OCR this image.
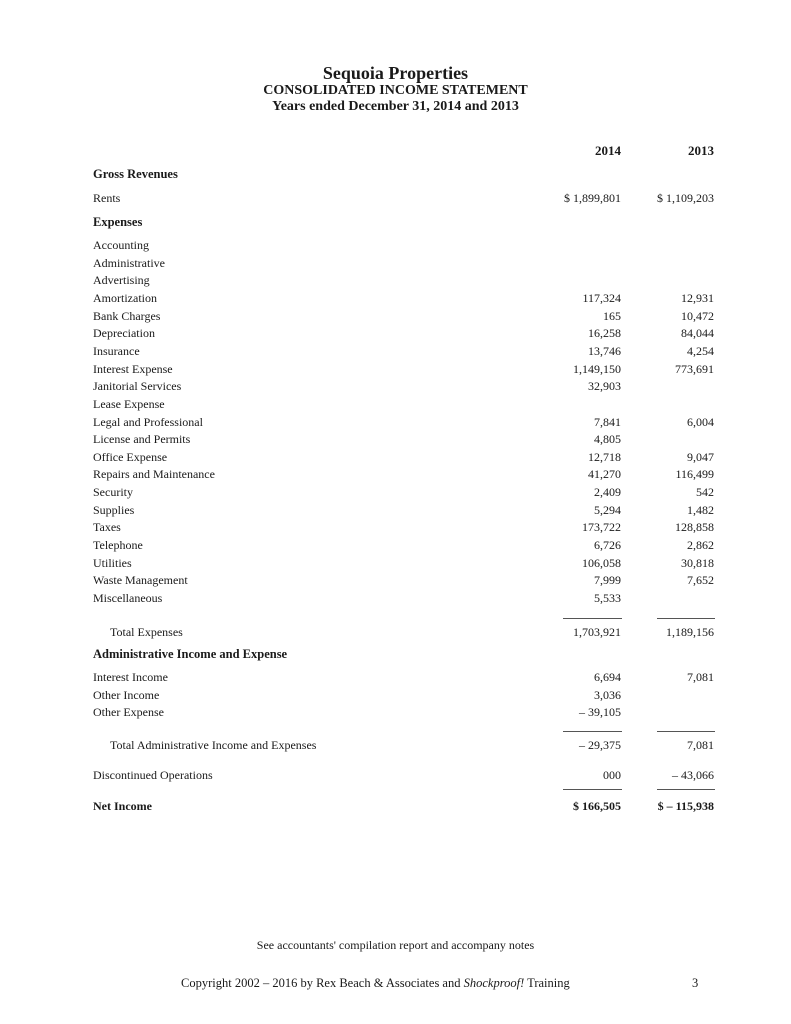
Sequoia Properties
CONSOLIDATED INCOME STATEMENT
Years ended December 31, 2014 and 2013
2014	2013
Gross Revenues
Rents	$ 1,899,801	$ 1,109,203
Expenses
Accounting
Administrative
Advertising
Amortization	117,324	12,931
Bank Charges	165	10,472
Depreciation	16,258	84,044
Insurance	13,746	4,254
Interest Expense	1,149,150	773,691
Janitorial Services	32,903
Lease Expense
Legal and Professional	7,841	6,004
License and Permits	4,805
Office Expense	12,718	9,047
Repairs and Maintenance	41,270	116,499
Security	2,409	542
Supplies	5,294	1,482
Taxes	173,722	128,858
Telephone	6,726	2,862
Utilities	106,058	30,818
Waste Management	7,999	7,652
Miscellaneous	5,533
Total Expenses	1,703,921	1,189,156
Administrative Income and Expense
Interest Income	6,694	7,081
Other Income	3,036
Other Expense	– 39,105
Total Administrative Income and Expenses	– 29,375	7,081
Discontinued Operations	000	– 43,066
Net Income	$ 166,505	$ – 115,938
See accountants' compilation report and accompany notes
Copyright 2002 – 2016 by Rex Beach & Associates and Shockproof! Training	3
